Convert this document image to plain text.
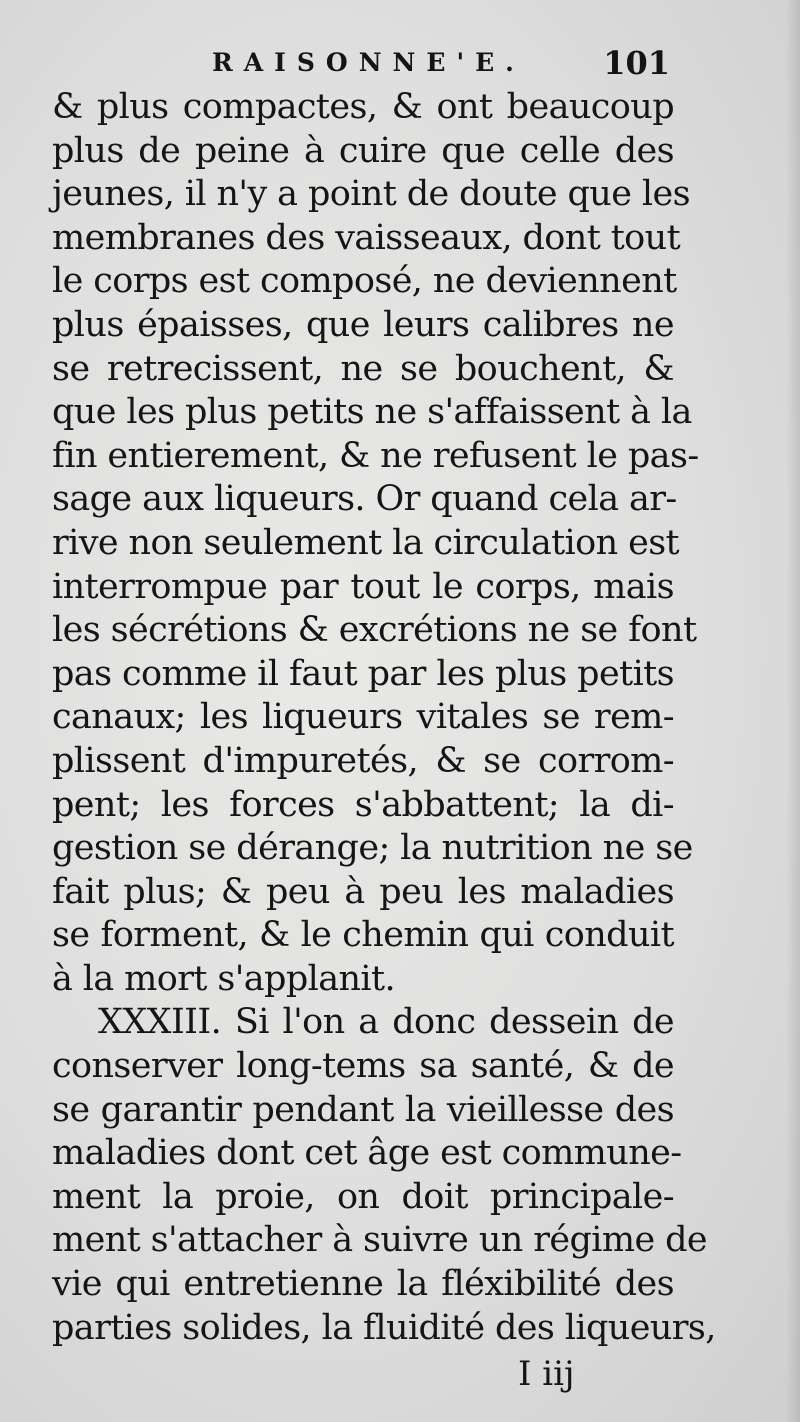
RAISONNE'E. 101
& plus compactes, & ont beaucoup
plus de peine à cuire que celle des
jeunes, il n'y a point de doute que les
membranes des vaisseaux, dont tout
le corps est composé, ne deviennent
plus épaisses, que leurs calibres ne
se retrecissent, ne se bouchent, &
que les plus petits ne s'affaissent à la
fin entierement, & ne refusent le pas-
sage aux liqueurs. Or quand cela ar-
rive non seulement la circulation est
interrompue par tout le corps, mais
les sécrétions & excrétions ne se font
pas comme il faut par les plus petits
canaux; les liqueurs vitales se rem-
plissent d'impuretés, & se corrom-
pent; les forces s'abbattent; la di-
gestion se dérange; la nutrition ne se
fait plus; & peu à peu les maladies
se forment, & le chemin qui conduit
à la mort s'applanit.
XXXIII. Si l'on a donc dessein de
conserver long-tems sa santé, & de
se garantir pendant la vieillesse des
maladies dont cet âge est commune-
ment la proie, on doit principale-
ment s'attacher à suivre un régime de
vie qui entretienne la fléxibilité des
parties solides, la fluidité des liqueurs,
I iij
